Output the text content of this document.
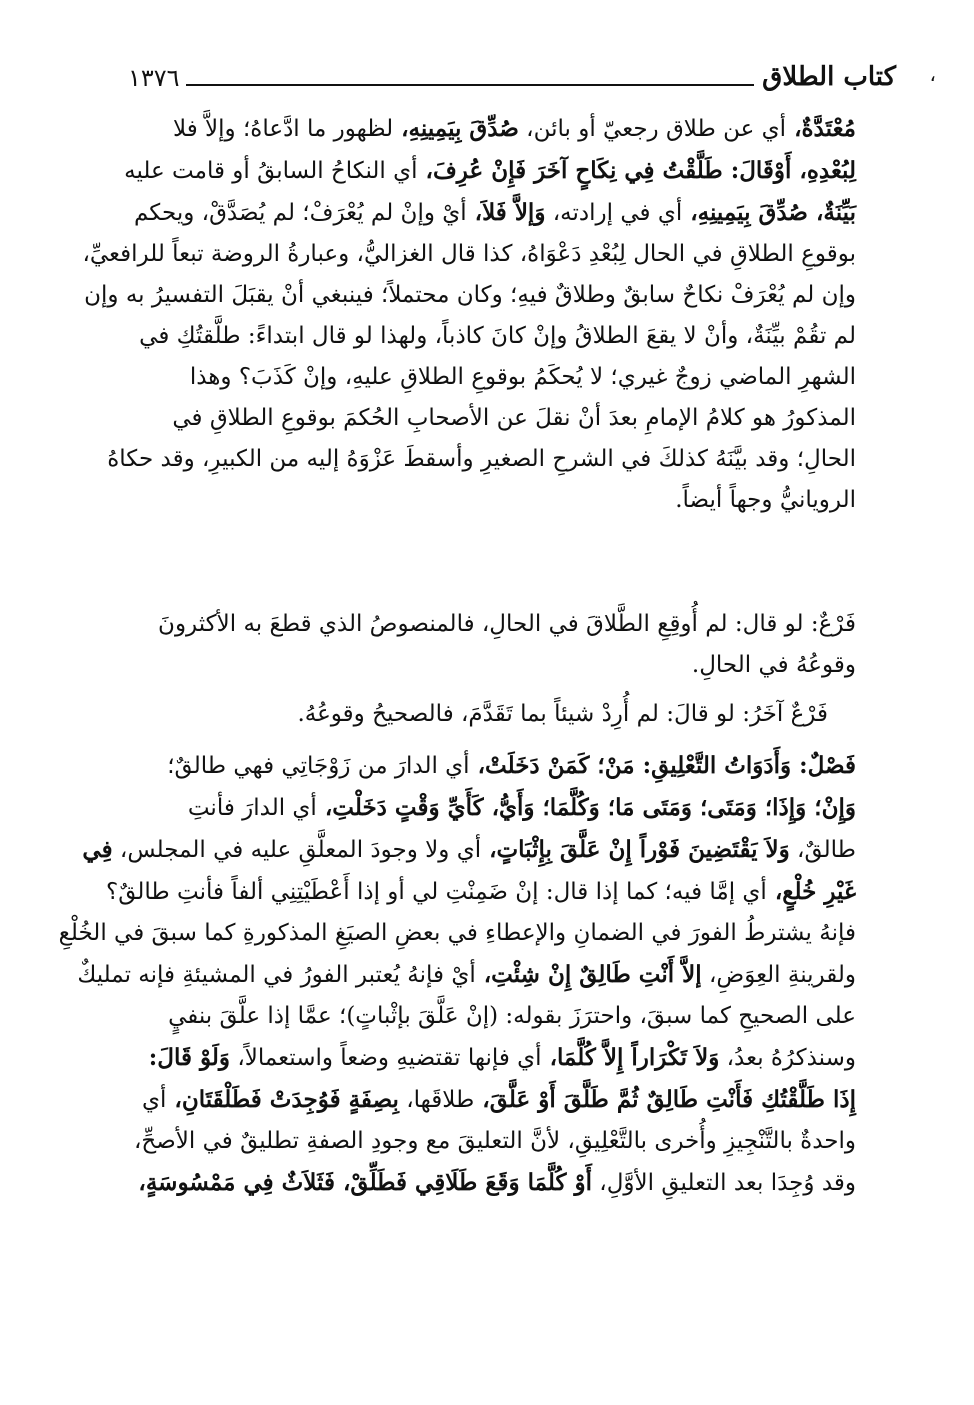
،
كتاب الطلاق
١٣٧٦
مُعْتَدَّةٌ، أي عن طلاق رجعيّ أو بائن، صُدِّقَ بِيَمِينِهِ، لظهور ما ادَّعاهُ؛ وإلاَّ فلا
لِبُعْدِهِ، أَوْقَالَ: طَلَّقْتُ فِي نِكَاحٍ آخَرَ فَإِنْ عُرِفَ، أي النكاحُ السابقُ أو قامت عليه
بَيِّنَةٌ، صُدِّقَ بِيَمِينِهِ، أي في إرادته، وَإلاَّ فَلاَ، أيْ وإنْ لم يُعْرَفْ؛ لم يُصَدَّقْ، ويحكم
بوقوعِ الطلاقِ في الحال لِبُعْدِ دَعْوَاهُ، كذا قال الغزاليُّ، وعبارةُ الروضة تبعاً للرافعيِّ،
وإن لم يُعْرَفْ نكاحٌ سابقٌ وطلاقٌ فيهِ؛ وكان محتملاً؛ فينبغي أنْ يقبَلَ التفسيرُ به وإن
لم تقُمْ بيِّنَةٌ، وأنْ لا يقعَ الطلاقُ وإنْ كانَ كاذباً، ولهذا لو قال ابتداءً: طلَّقتُكِ في
الشهرِ الماضي زوجٌ غيري؛ لا يُحكَمُ بوقوعِ الطلاقِ عليهِ، وإنْ كَذَبَ؟ وهذا
المذكورُ هو كلامُ الإمامِ بعدَ أنْ نقلَ عن الأصحابِ الحُكمَ بوقوعِ الطلاقِ في
الحالِ؛ وقد بيَّنَهُ كذلكَ في الشرحِ الصغيرِ وأسقطَ عَزْوَهُ إليه من الكبيرِ، وقد حكاهُ
الرويانيُّ وجهاً أيضاً.
فَرْعٌ: لو قال: لم أُوقِعِ الطَّلاقَ في الحالِ، فالمنصوصُ الذي قطعَ به الأكثرونَ
وقوعُهُ في الحالِ.
فَرْعٌ آخَرُ: لو قالَ: لم أُرِدْ شيئاً بما تَقَدَّمَ، فالصحيحُ وقوعُهُ.
فَصْلٌ: وَأَدَوَاتُ التَّعْلِيقِ: مَنْ؛ كَمَنْ دَخَلَتْ، أي الدارَ من زَوْجَاتِي فهي طالقٌ؛
وَإِنْ؛ وَإِذَا؛ وَمَتَى؛ وَمَتَى مَا؛ وَكُلَّمَا؛ وَأَيُّ، كَأَيِّ وَقْتٍ دَخَلْتِ، أي الدارَ فأنتِ
طالقٌ، وَلاَ يَقْتَضِينَ فَوْراً إِنْ عَلَّقَ بِإِثْبَاتٍ، أي ولا وجودَ المعلَّقِ عليه في المجلس، فِي
غَيْرِ خُلْعٍ، أي إمَّا فيه؛ كما إذا قال: إنْ ضَمِنْتِ لي أو إذا أَعْطَيْتِنِي ألفاً فأنتِ طالقٌ؟
فإنهُ يشترطُ الفورَ في الضمانِ والإعطاءِ في بعضِ الصيَغِ المذكورةِ كما سبقَ في الخُلْعِ
ولقرينةِ العِوَضِ، إلاَّ أَنْتِ طَالِقٌ إِنْ شِئْتِ، أيْ فإنهُ يُعتبر الفورُ في المشيئةِ فإنه تمليكٌ
على الصحيحِ كما سبقَ، واحترَزَ بقوله: (إنْ عَلَّقَ بإثْباتٍ)؛ عمَّا إذا علَّقَ بنفيٍ
وسنذكرُهُ بعدُ، وَلاَ تَكْرَاراً إِلاَّ كُلَّمَا، أي فإنها تقتضيهِ وضعاً واستعمالاً، وَلَوْ قَالَ:
إِذَا طَلَّقْتُكِ فَأَنْتِ طَالِقٌ ثُمَّ طَلَّقَ أَوْ عَلَّقَ، طلاقَها، بِصِفَةٍ فَوُجِدَتْ فَطَلْقَتَانِ، أي
واحدةٌ بالتَّنْجِيزِ وأُخرى بالتَّعْلِيقِ، لأنَّ التعليقَ مع وجودِ الصفةِ تطليقٌ في الأصحِّ،
وقد وُجِدَا بعد التعليقِ الأوَّلِ، أَوْ كُلَّمَا وَقَعَ طَلَاقِي فَطَلِّقْ، فَثَلاَثٌ فِي مَمْسُوسَةٍ،
